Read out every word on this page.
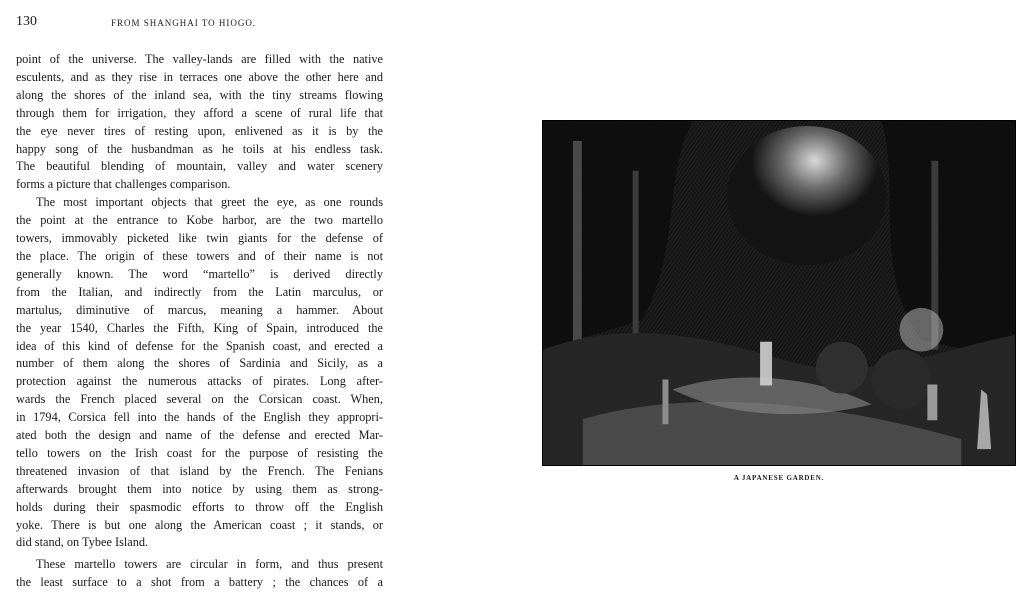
130	FROM SHANGHAI TO HIOGO.

point of the universe. The valley-lands are filled with the native

esculents, and as they rise in terraces one above the other here and

along the shores of the inland sea, with the tiny streams flowing

through them for irrigation, they afford a scene of rural life that

the eye never tires of resting upon, enlivened as it is by the

happy song of the husbandman as he toils at his endless task.

The beautiful blending of mountain, valley and water scenery

forms a picture that challenges comparison.

The most important objects that greet the eye, as one rounds

the point at the entrance to Kobe harbor, are the two martello

towers, immovably picketed like twin giants for the defense of

the place. The origin of these towers and of their name is not

generally known. The word “martello” is derived directly

from the Italian, and indirectly from the Latin marculus, or

martulus, diminutive of marcus, meaning a hammer. About

the year 1540, Charles the Fifth, King of Spain, introduced the

idea of this kind of defense for the Spanish coast, and erected a

number of them along the shores of Sardinia and Sicily, as a

protection against the numerous attacks of pirates. Long after-

wards the French placed several on the Corsican coast. When,

in 1794, Corsica fell into the hands of the English they appropri-

ated both the design and name of the defense and erected Mar-

tello towers on the Irish coast for the purpose of resisting the

threatened invasion of that island by the French. The Fenians

afterwards brought them into notice by using them as strong-

holds during their spasmodic efforts to throw off the English

yoke. There is but one along the American coast ; it stands, or

did stand, on Tybee Island.

These martello towers are circular in form, and thus present

the least surface to a shot from a battery ; the chances of a

A JAPANESE GARDEN.
